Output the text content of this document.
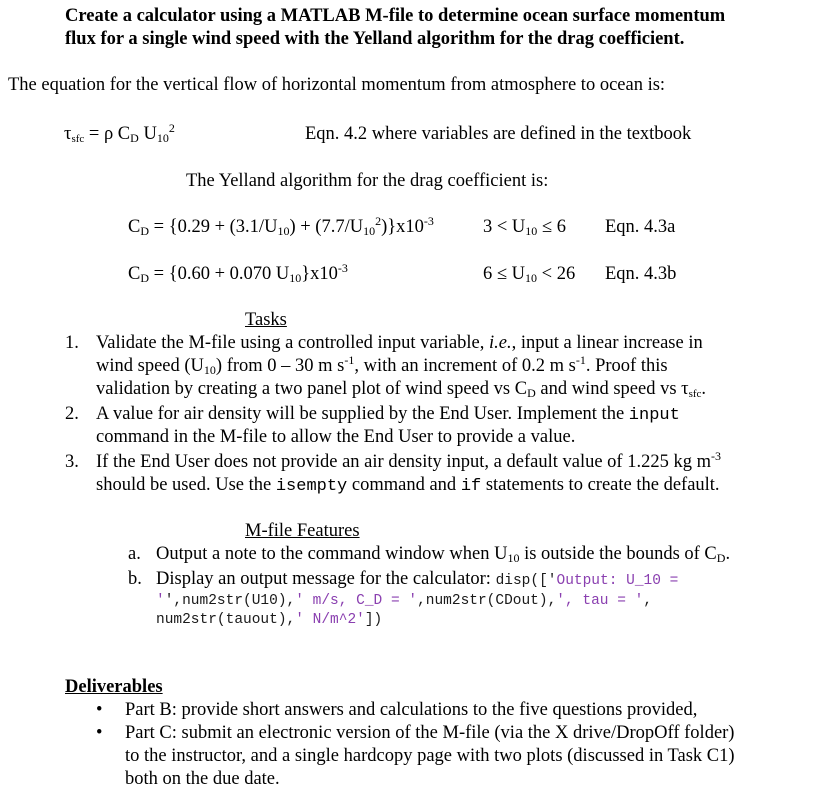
Create a calculator using a MATLAB M-file to determine ocean surface momentum
flux for a single wind speed with the Yelland algorithm for the drag coefficient.
The equation for the vertical flow of horizontal momentum from atmosphere to ocean is:
$\tau_{sfc} = \rho$ $C_D$ $U_{10}^2$	Eqn. 4.2 where variables are defined in the textbook
The Yelland algorithm for the drag coefficient is:
$C_D = \{0.29 + (3.1/U_{10}) + (7.7/U_{10}^2)\}x10^{-3}$	$3 < U_{10} \le 6$ Eqn. 4.3a
$C_D = \{0.60 + 0.070$ $U_{10}\}x10^{-3}$	$6 \le U_{10} < 26$ Eqn. 4.3b
Tasks
1. Validate the M-file using a controlled input variable, i.e., input a linear increase in
wind speed $(U_{10})$ from 0 – 30 m $s^{-1}$, with an increment of 0.2 m $s^{-1}$. Proof this
validation by creating a two panel plot of wind speed vs $C_D$ and wind speed vs $\tau_{sfc}$.
2. A value for air density will be supplied by the End User. Implement the input
command in the M-file to allow the End User to provide a value.
3. If the End User does not provide an air density input, a default value of 1.225 kg $m^{-3}$
should be used. Use the isempty command and if statements to create the default.
M-file Features
a. Output a note to the command window when $U_{10}$ is outside the bounds of $C_D$.
b. Display an output message for the calculator: disp(['Output: U_10 =
'',num2str(U10),' m/s, C_D = ',num2str(CDout),', tau = ',
num2str(tauout),' N/m^2'])
Deliverables
• Part B: provide short answers and calculations to the five questions provided,
• Part C: submit an electronic version of the M-file (via the X drive/DropOff folder)
to the instructor, and a single hardcopy page with two plots (discussed in Task C1)
both on the due date.
